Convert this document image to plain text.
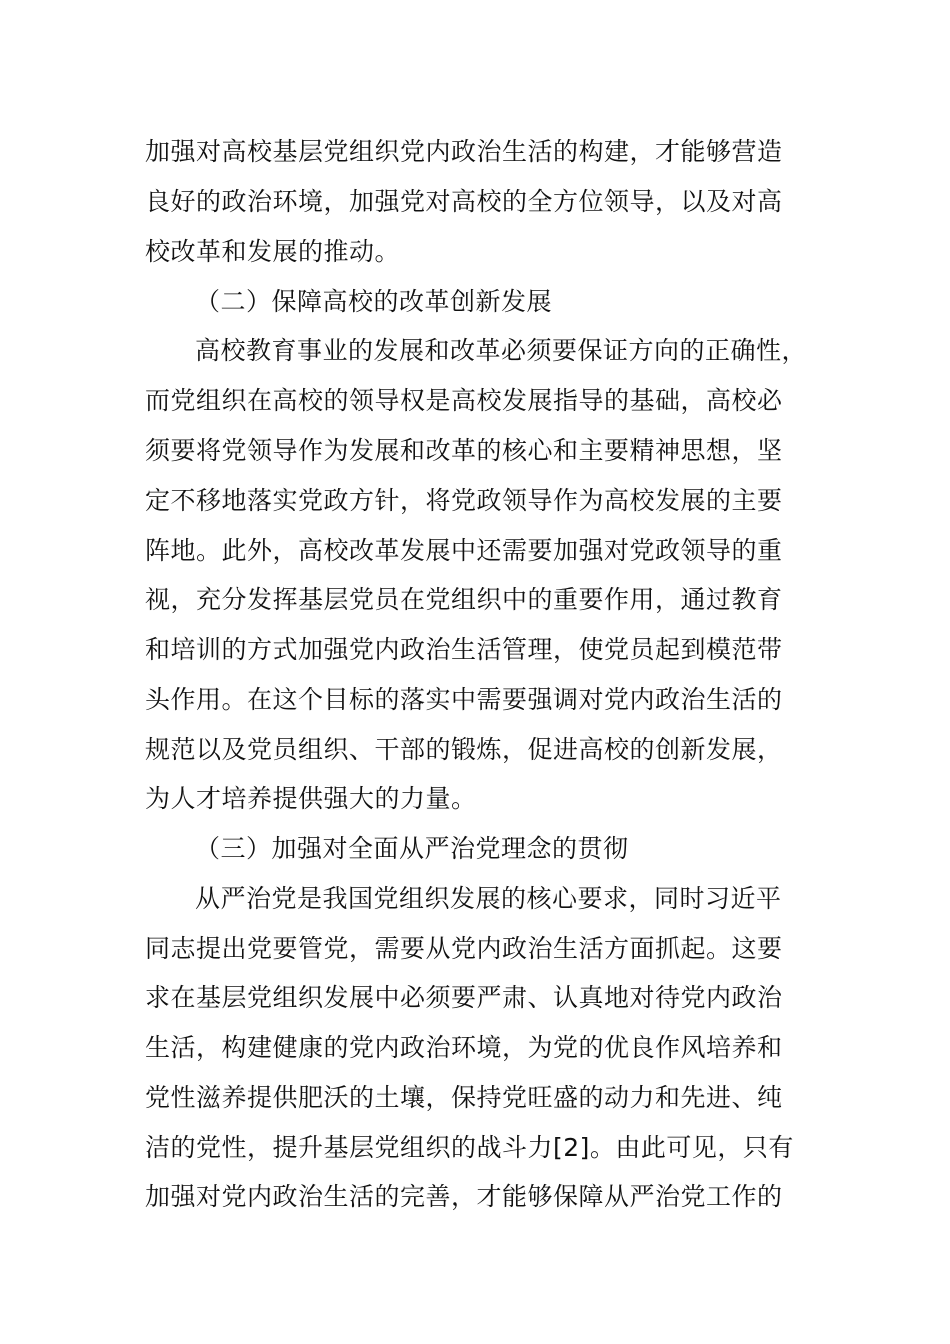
加强对高校基层党组织党内政治生活的构建，才能够营造
良好的政治环境，加强党对高校的全方位领导，以及对高
校改革和发展的推动。
（二）保障高校的改革创新发展
高校教育事业的发展和改革必须要保证方向的正确性，
而党组织在高校的领导权是高校发展指导的基础，高校必
须要将党领导作为发展和改革的核心和主要精神思想，坚
定不移地落实党政方针，将党政领导作为高校发展的主要
阵地。此外，高校改革发展中还需要加强对党政领导的重
视，充分发挥基层党员在党组织中的重要作用，通过教育
和培训的方式加强党内政治生活管理，使党员起到模范带
头作用。在这个目标的落实中需要强调对党内政治生活的
规范以及党员组织、干部的锻炼，促进高校的创新发展，
为人才培养提供强大的力量。
（三）加强对全面从严治党理念的贯彻
从严治党是我国党组织发展的核心要求，同时习近平
同志提出党要管党，需要从党内政治生活方面抓起。这要
求在基层党组织发展中必须要严肃、认真地对待党内政治
生活，构建健康的党内政治环境，为党的优良作风培养和
党性滋养提供肥沃的土壤，保持党旺盛的动力和先进、纯
洁的党性，提升基层党组织的战斗力[2]。由此可见，只有
加强对党内政治生活的完善，才能够保障从严治党工作的
